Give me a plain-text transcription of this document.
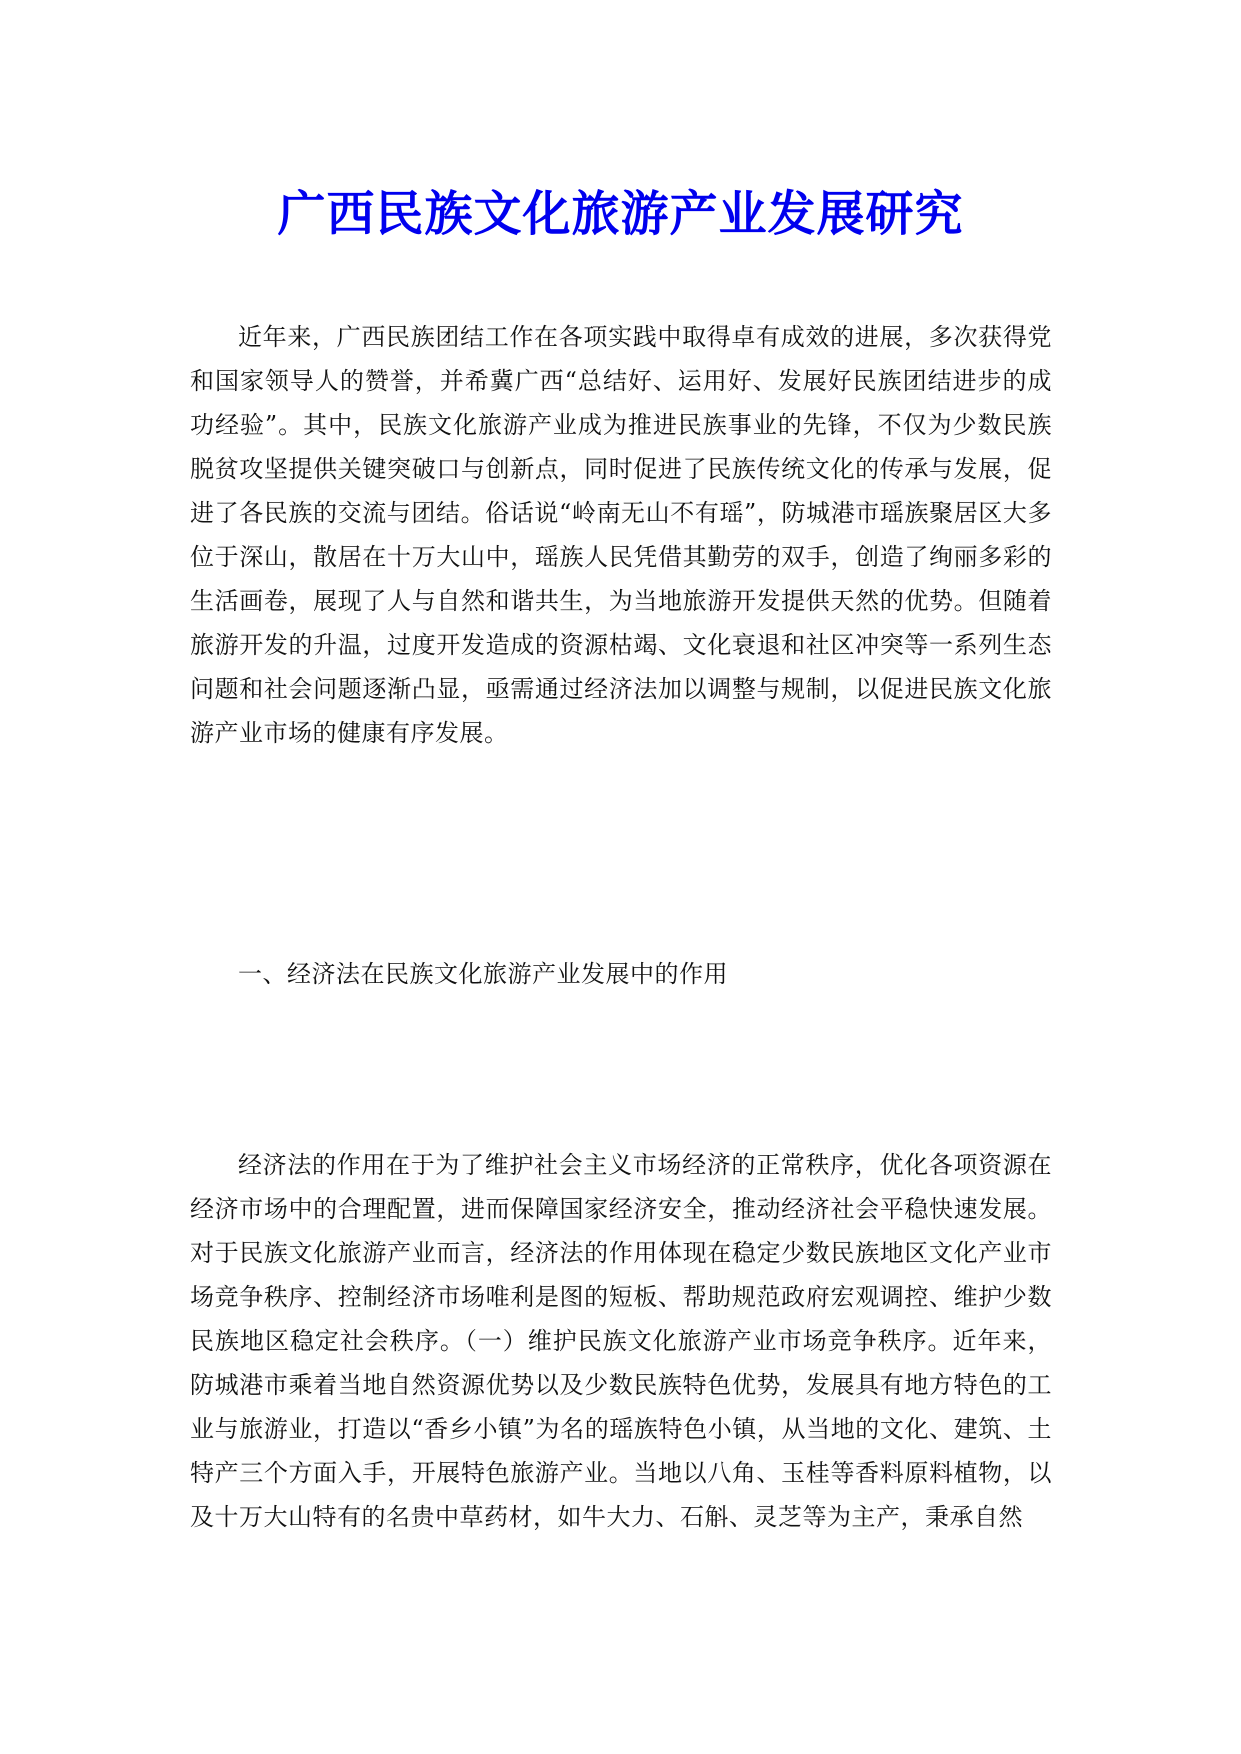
广西民族文化旅游产业发展研究

近年来，广西民族团结工作在各项实践中取得卓有成效的进展，多次获得党和国家领导人的赞誉，并希冀广西“总结好、运用好、发展好民族团结进步的成功经验”。其中，民族文化旅游产业成为推进民族事业的先锋，不仅为少数民族脱贫攻坚提供关键突破口与创新点，同时促进了民族传统文化的传承与发展，促进了各民族的交流与团结。俗话说“岭南无山不有瑶”，防城港市瑶族聚居区大多位于深山，散居在十万大山中，瑶族人民凭借其勤劳的双手，创造了绚丽多彩的生活画卷，展现了人与自然和谐共生，为当地旅游开发提供天然的优势。但随着旅游开发的升温，过度开发造成的资源枯竭、文化衰退和社区冲突等一系列生态问题和社会问题逐渐凸显，亟需通过经济法加以调整与规制，以促进民族文化旅游产业市场的健康有序发展。

一、经济法在民族文化旅游产业发展中的作用

经济法的作用在于为了维护社会主义市场经济的正常秩序，优化各项资源在经济市场中的合理配置，进而保障国家经济安全，推动经济社会平稳快速发展。对于民族文化旅游产业而言，经济法的作用体现在稳定少数民族地区文化产业市场竞争秩序、控制经济市场唯利是图的短板、帮助规范政府宏观调控、维护少数民族地区稳定社会秩序。（一）维护民族文化旅游产业市场竞争秩序。近年来，防城港市乘着当地自然资源优势以及少数民族特色优势，发展具有地方特色的工业与旅游业，打造以“香乡小镇”为名的瑶族特色小镇，从当地的文化、建筑、土特产三个方面入手，开展特色旅游产业。当地以八角、玉桂等香料原料植物，以及十万大山特有的名贵中草药材，如牛大力、石斛、灵芝等为主产，秉承自然
